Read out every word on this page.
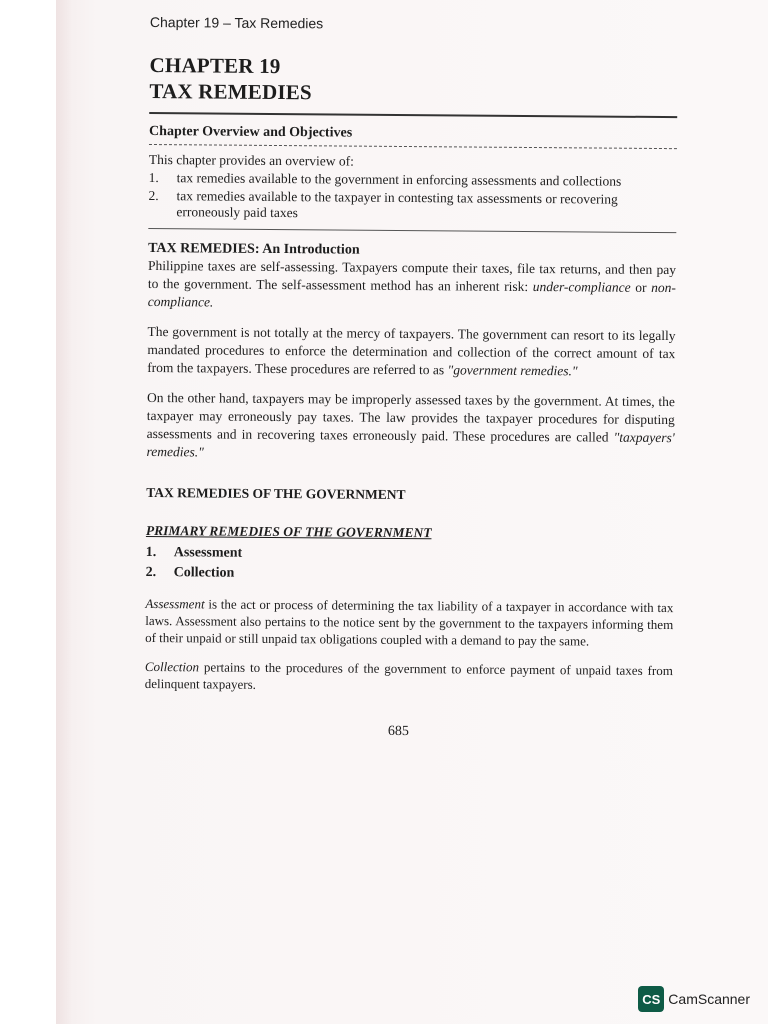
Chapter 19 – Tax Remedies
CHAPTER 19
TAX REMEDIES
Chapter Overview and Objectives

This chapter provides an overview of:

1.	tax remedies available to the government in enforcing assessments and collections
2.	tax remedies available to the taxpayer in contesting tax assessments or recovering erroneously paid taxes
TAX REMEDIES: An Introduction

Philippine taxes are self-assessing. Taxpayers compute their taxes, file tax returns, and then pay to the government. The self-assessment method has an inherent risk: under-compliance or non-compliance.

The government is not totally at the mercy of taxpayers. The government can resort to its legally mandated procedures to enforce the determination and collection of the correct amount of tax from the taxpayers. These procedures are referred to as "government remedies."

On the other hand, taxpayers may be improperly assessed taxes by the government. At times, the taxpayer may erroneously pay taxes. The law provides the taxpayer procedures for disputing assessments and in recovering taxes erroneously paid. These procedures are called "taxpayers' remedies."

TAX REMEDIES OF THE GOVERNMENT
PRIMARY REMEDIES OF THE GOVERNMENT
1.	Assessment
2.	Collection

Assessment is the act or process of determining the tax liability of a taxpayer in accordance with tax laws. Assessment also pertains to the notice sent by the government to the taxpayers informing them of their unpaid or still unpaid tax obligations coupled with a demand to pay the same.

Collection pertains to the procedures of the government to enforce payment of unpaid taxes from delinquent taxpayers.

685
CS CamScanner
